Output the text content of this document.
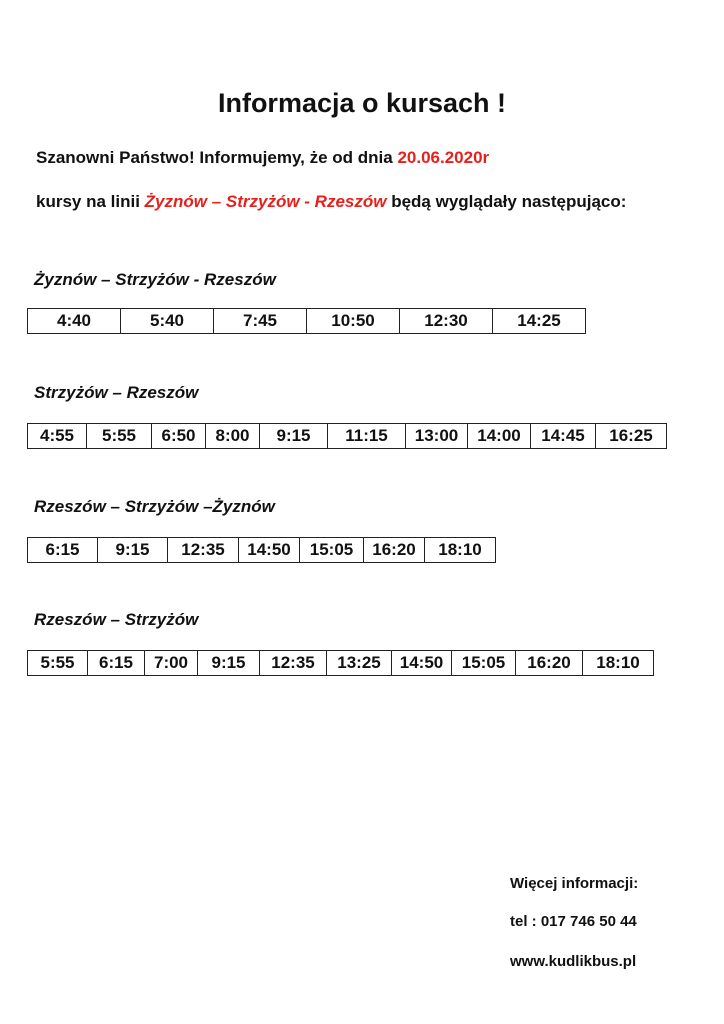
Informacja o kursach !
Szanowni Państwo! Informujemy, że od dnia 20.06.2020r
kursy na linii Żyznów – Strzyżów - Rzeszów będą wyglądały następująco:
Żyznów – Strzyżów - Rzeszów
4:40	5:40	7:45	10:50	12:30	14:25
Strzyżów – Rzeszów
4:55	5:55	6:50	8:00	9:15	11:15	13:00	14:00	14:45	16:25
Rzeszów – Strzyżów –Żyznów
6:15	9:15	12:35	14:50	15:05	16:20	18:10
Rzeszów – Strzyżów
5:55	6:15	7:00	9:15	12:35	13:25	14:50	15:05	16:20	18:10
Więcej informacji:
tel : 017 746 50 44
www.kudlikbus.pl
